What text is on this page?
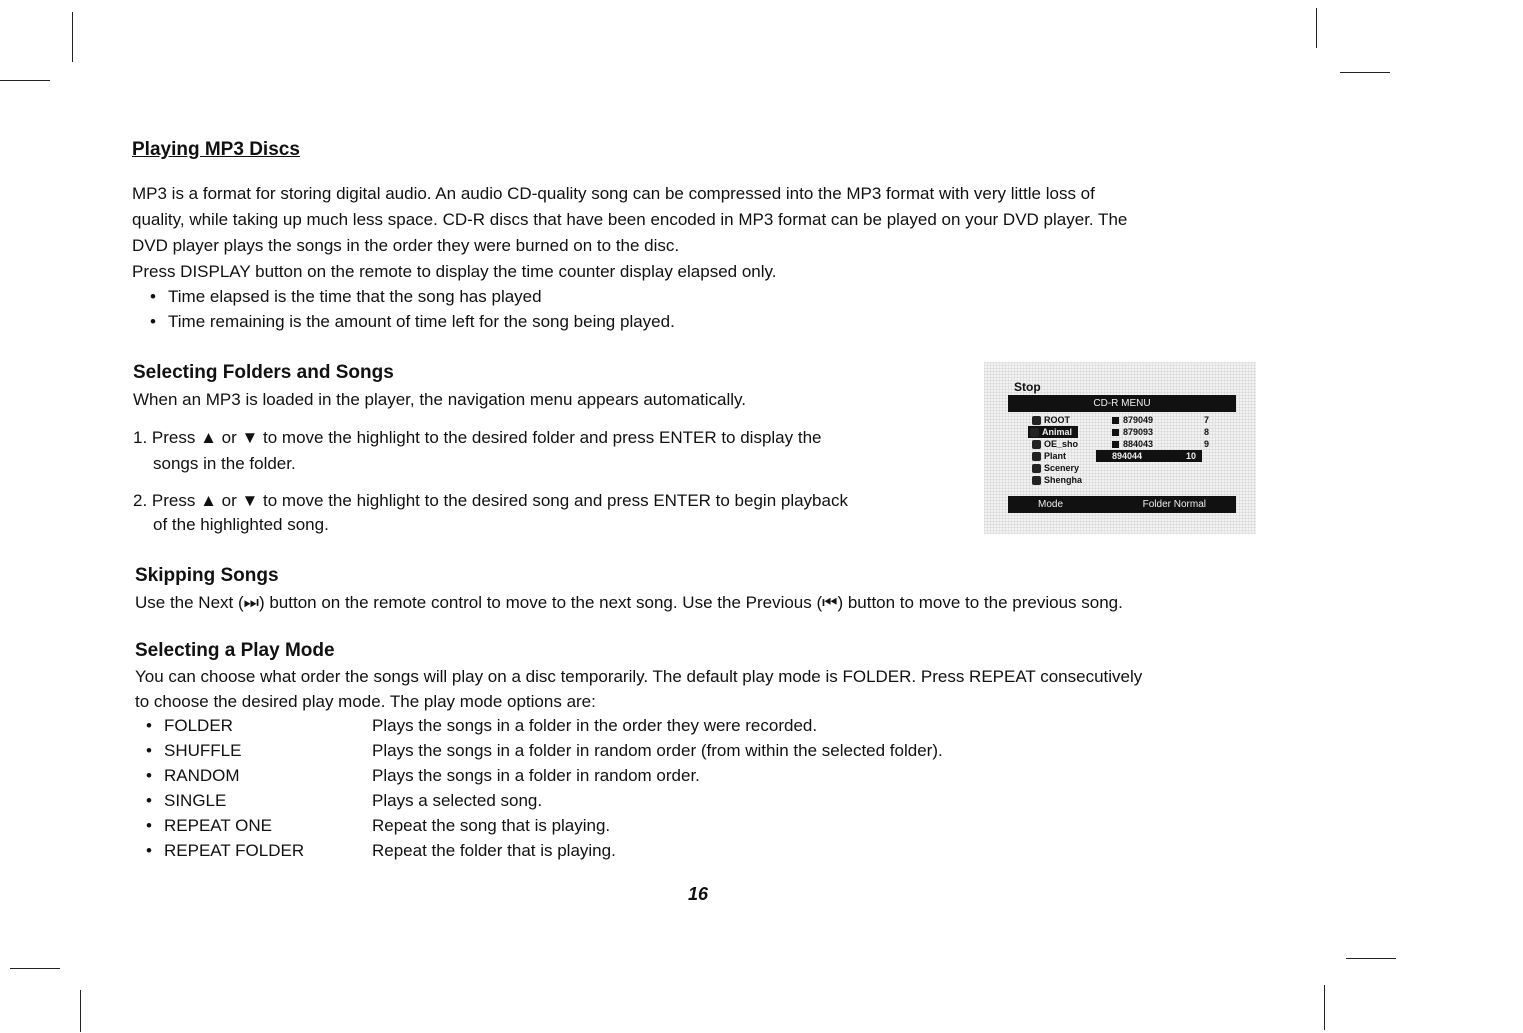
Playing MP3 Discs
MP3 is a format for storing digital audio. An audio CD-quality song can be compressed into the MP3 format with very little loss of
quality, while taking up much less space. CD-R discs that have been encoded in MP3 format can be played on your DVD player. The
DVD player plays the songs in the order they were burned on to the disc.
Press DISPLAY button on the remote to display the time counter display elapsed only.
• Time elapsed is the time that the song has played
• Time remaining is the amount of time left for the song being played.
Selecting Folders and Songs
When an MP3 is loaded in the player, the navigation menu appears automatically.
1. Press ▲ or ▼ to move the highlight to the desired folder and press ENTER to display the
songs in the folder.
2. Press ▲ or ▼ to move the highlight to the desired song and press ENTER to begin playback
of the highlighted song.
Stop
CD-R MENU
ROOT
Animal
OE_sho
Plant
Scenery
Shengha
879049	7
879093	8
884043	9
894044	10
Mode	Folder Normal
Skipping Songs
Use the Next (⏭) button on the remote control to move to the next song. Use the Previous (⏮) button to move to the previous song.
Selecting a Play Mode
You can choose what order the songs will play on a disc temporarily. The default play mode is FOLDER. Press REPEAT consecutively
to choose the desired play mode. The play mode options are:
• FOLDER	Plays the songs in a folder in the order they were recorded.
• SHUFFLE	Plays the songs in a folder in random order (from within the selected folder).
• RANDOM	Plays the songs in a folder in random order.
• SINGLE	Plays a selected song.
• REPEAT ONE	Repeat the song that is playing.
• REPEAT FOLDER	Repeat the folder that is playing.
16
